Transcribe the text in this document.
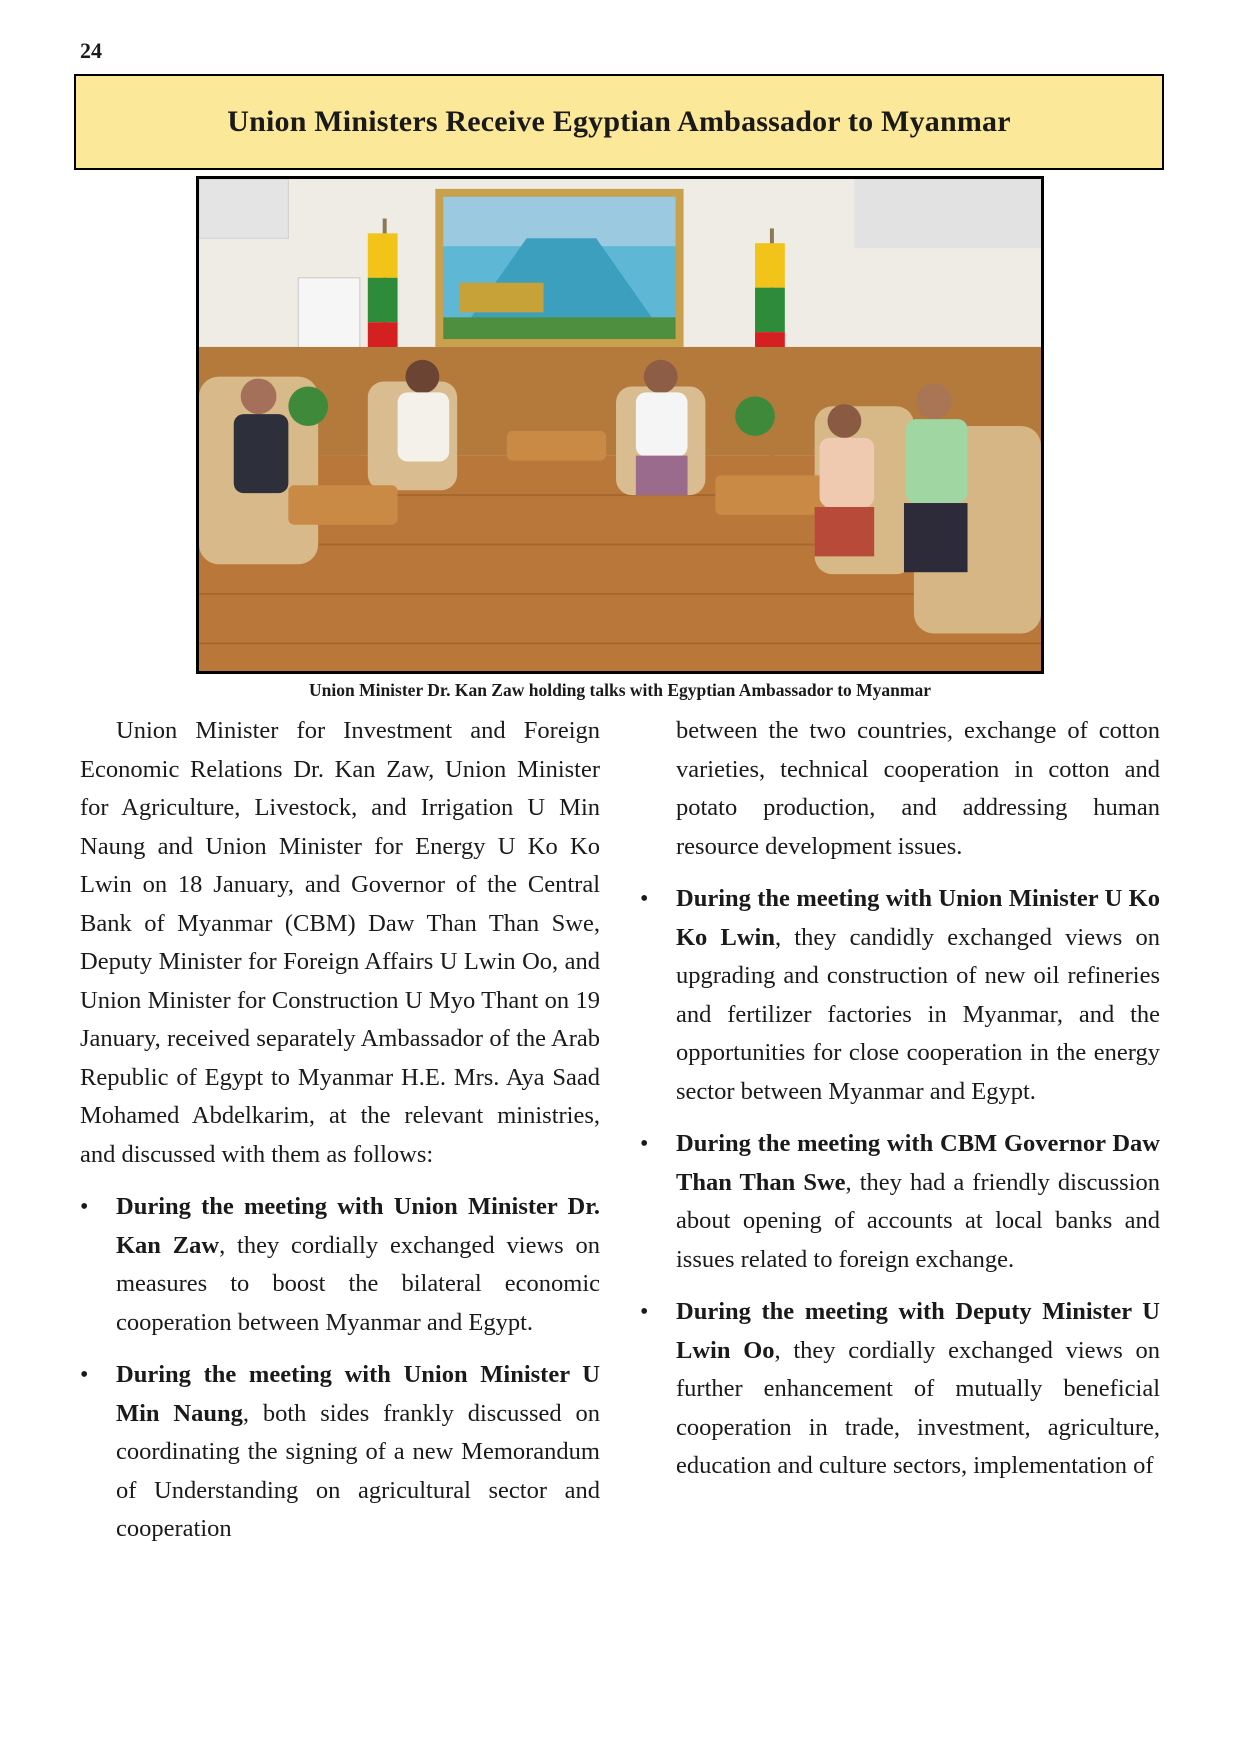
24
Union Ministers Receive Egyptian Ambassador to Myanmar
Union Minister Dr. Kan Zaw holding talks with Egyptian Ambassador to Myanmar

Union Minister for Investment and Foreign Economic Relations Dr. Kan Zaw, Union Minister for Agriculture, Livestock, and Irrigation U Min Naung and Union Minister for Energy U Ko Ko Lwin on 18 January, and Governor of the Central Bank of Myanmar (CBM) Daw Than Than Swe, Deputy Minister for Foreign Affairs U Lwin Oo, and Union Minister for Construction U Myo Thant on 19 January, received separately Ambassador of the Arab Republic of Egypt to Myanmar H.E. Mrs. Aya Saad Mohamed Abdelkarim, at the relevant ministries, and discussed with them as follows:

• During the meeting with Union Minister Dr. Kan Zaw, they cordially exchanged views on measures to boost the bilateral economic cooperation between Myanmar and Egypt.
• During the meeting with Union Minister U Min Naung, both sides frankly discussed on coordinating the signing of a new Memorandum of Understanding on agricultural sector and cooperation

between the two countries, exchange of cotton varieties, technical cooperation in cotton and potato production, and addressing human resource development issues.

• During the meeting with Union Minister U Ko Ko Lwin, they candidly exchanged views on upgrading and construction of new oil refineries and fertilizer factories in Myanmar, and the opportunities for close cooperation in the energy sector between Myanmar and Egypt.
• During the meeting with CBM Governor Daw Than Than Swe, they had a friendly discussion about opening of accounts at local banks and issues related to foreign exchange.
• During the meeting with Deputy Minister U Lwin Oo, they cordially exchanged views on further enhancement of mutually beneficial cooperation in trade, investment, agriculture, education and culture sectors, implementation of
